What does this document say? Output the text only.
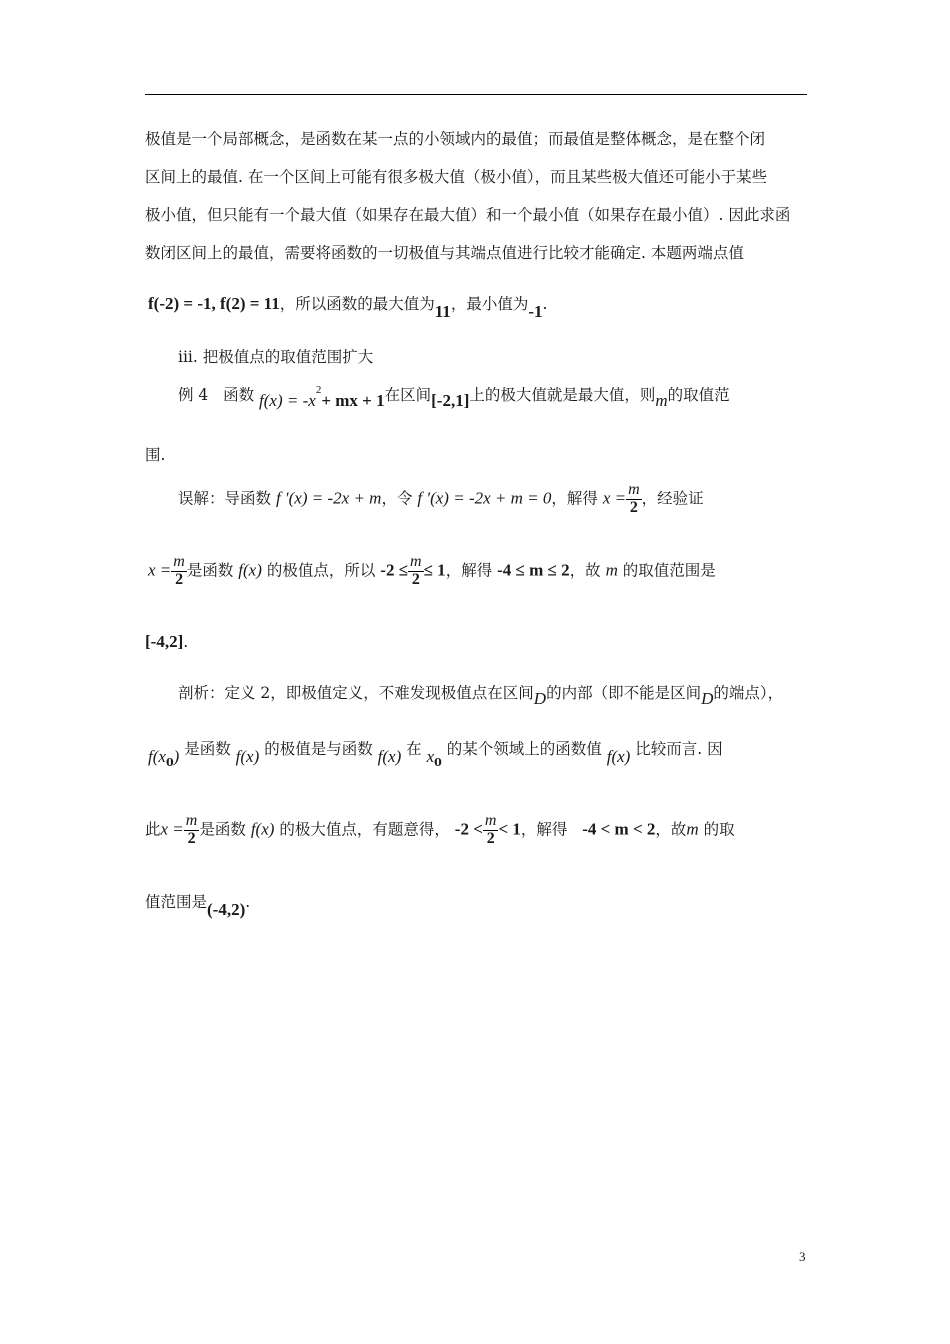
极值是一个局部概念，是函数在某一点的小领域内的最值；而最值是整体概念，是在整个闭
区间上的最值. 在一个区间上可能有很多极大值（极小值），而且某些极大值还可能小于某些
极小值，但只能有一个最大值（如果存在最大值）和一个最小值（如果存在最小值）. 因此求函
数闭区间上的最值，需要将函数的一切极值与其端点值进行比较才能确定. 本题两端点值
f(-2) = -1, f(2) = 11，所以函数的最大值为11，最小值为-1.
iii. 把极值点的取值范围扩大
例 4 函数 $f(x) = -x^2+$ mx + 1在区间[-2,1]上的极大值就是最大值，则m的取值范
围.
误解：导函数 f ′(x) = -2x + m，令 f ′(x) = -2x + m = 0，解得 $x = \frac{m}{2}$ ，经验证
$x = \frac{m}{2}$ 是函数 f(x) 的极值点，所以 $-2 \le \frac{m}{2} \le 1$，解得 -4 ≤ m ≤ 2，故 m 的取值范围是
[-4,2].
剖析：定义 2，即极值定义，不难发现极值点在区间D的内部（即不能是区间D的端点），
$f(x_0)$ 是函数 f(x) 的极值是与函数 f(x) 在 $x_0$ 的某个领域上的函数值 f(x) 比较而言. 因
此$x = \frac{m}{2}$ 是函数 f(x) 的极大值点，有题意得， $-2 < \frac{m}{2} < 1$，解得 -4 < m < 2，故m 的取
值范围是(-4,2).
3
